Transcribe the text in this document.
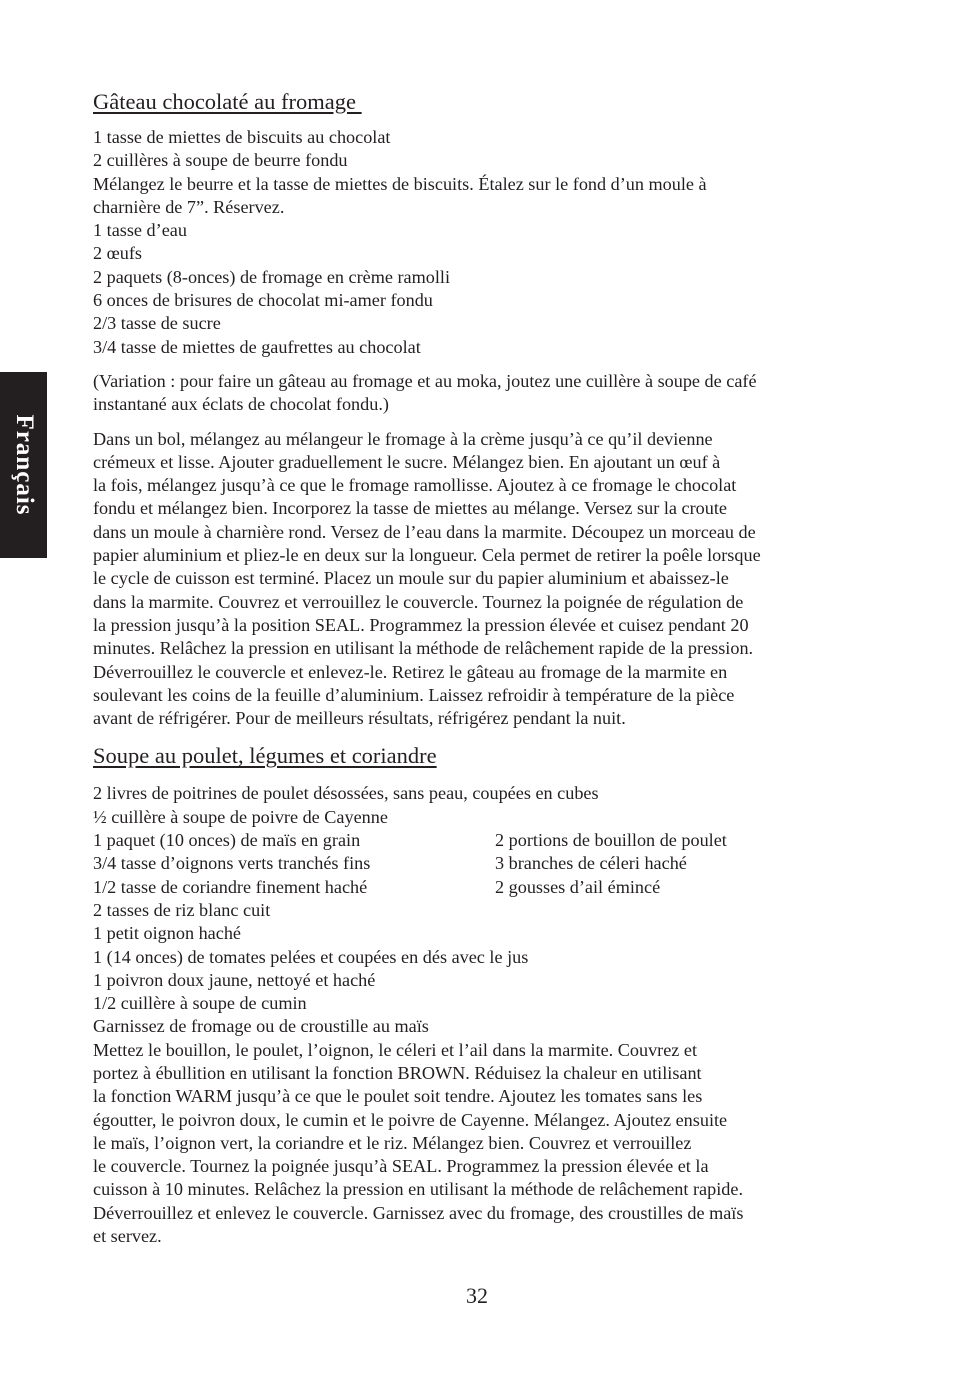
Français
Gâteau chocolaté au fromage
1 tasse de miettes de biscuits au chocolat
2 cuillères à soupe de beurre fondu
Mélangez le beurre et la tasse de miettes de biscuits. Étalez sur le fond d’un moule à
charnière de 7”. Réservez.
1 tasse d’eau
2 œufs
2 paquets (8-onces) de fromage en crème ramolli
6 onces de brisures de chocolat mi-amer fondu
2/3 tasse de sucre
3/4 tasse de miettes de gaufrettes au chocolat
(Variation : pour faire un gâteau au fromage et au moka, joutez une cuillère à soupe de café
instantané aux éclats de chocolat fondu.)
Dans un bol, mélangez au mélangeur le fromage à la crème jusqu’à ce qu’il devienne
crémeux et lisse. Ajouter graduellement le sucre. Mélangez bien. En ajoutant un œuf à
la fois, mélangez jusqu’à ce que le fromage ramollisse. Ajoutez à ce fromage le chocolat
fondu et mélangez bien. Incorporez la tasse de miettes au mélange. Versez sur la croute
dans un moule à charnière rond. Versez de l’eau dans la marmite. Découpez un morceau de
papier aluminium et pliez-le en deux sur la longueur. Cela permet de retirer la poêle lorsque
le cycle de cuisson est terminé. Placez un moule sur du papier aluminium et abaissez-le
dans la marmite. Couvrez et verrouillez le couvercle. Tournez la poignée de régulation de
la pression jusqu’à la position SEAL. Programmez la pression élevée et cuisez pendant 20
minutes. Relâchez la pression en utilisant la méthode de relâchement rapide de la pression.
Déverrouillez le couvercle et enlevez-le. Retirez le gâteau au fromage de la marmite en
soulevant les coins de la feuille d’aluminium. Laissez refroidir à température de la pièce
avant de réfrigérer. Pour de meilleurs résultats, réfrigérez pendant la nuit.
Soupe au poulet, légumes et coriandre
2 livres de poitrines de poulet désossées, sans peau, coupées en cubes
½ cuillère à soupe de poivre de Cayenne
1 paquet (10 onces) de maïs en grain	2 portions de bouillon de poulet
3/4 tasse d’oignons verts tranchés fins	3 branches de céleri haché
1/2 tasse de coriandre finement haché	2 gousses d’ail émincé
2 tasses de riz blanc cuit
1 petit oignon haché
1 (14 onces) de tomates pelées et coupées en dés avec le jus
1 poivron doux jaune, nettoyé et haché
1/2 cuillère à soupe de cumin
Garnissez de fromage ou de croustille au maïs
Mettez le bouillon, le poulet, l’oignon, le céleri et l’ail dans la marmite. Couvrez et
portez à ébullition en utilisant la fonction BROWN. Réduisez la chaleur en utilisant
la fonction WARM jusqu’à ce que le poulet soit tendre. Ajoutez les tomates sans les
égoutter, le poivron doux, le cumin et le poivre de Cayenne. Mélangez. Ajoutez ensuite
le maïs, l’oignon vert, la coriandre et le riz. Mélangez bien. Couvrez et verrouillez
le couvercle. Tournez la poignée jusqu’à SEAL. Programmez la pression élevée et la
cuisson à 10 minutes. Relâchez la pression en utilisant la méthode de relâchement rapide.
Déverrouillez et enlevez le couvercle. Garnissez avec du fromage, des croustilles de maïs
et servez.
32
